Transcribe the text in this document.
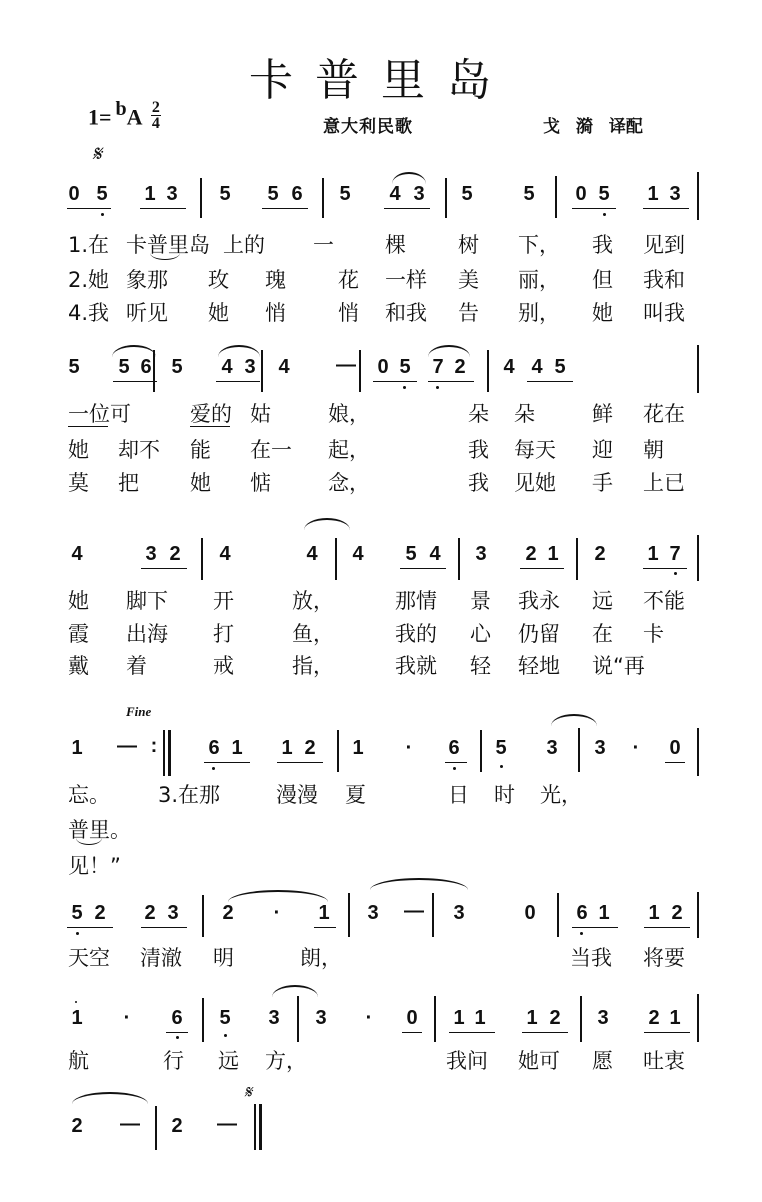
卡普里岛
1= bA $\frac{2}{4}$	意大利民歌	戈 漪 译配
𝄋
0 5 1 3 5 5 6 5 4 3 5	5 0 5 1 3
1.在 卡普里岛 上的 一 棵 树 下， 我 见到
2.她 象那 玫 瑰 花 一样 美 丽， 但 我和
4.我 听见 她 悄 悄 和我 告 别， 她 叫我
5 5 6 5 4 3 4 — 0 5 7 2 4 4 5
一位可	爱的 姑	娘，	朵 朵	鲜 花在
她 却不 能 在一 起，	我 每天 迎 朝
莫 把 她 惦	念，	我 见她 手 上已
4	3 2 4	4 4 5 4 3 2 1 2 1 7
她 脚下 开	放，	那情 景 我永 远 不能
霞 出海 打	鱼，	我的 心 仍留 在 卡
戴 着	戒	指，	我就 轻 轻地 说“再
Fine
1 — :	6 1 1 2 1 · 6 5 3 3 · 0
忘。 3.在那	漫漫 夏	日 时 光，
普里。
见！”
5 2 2 3 2 · 1 3 — 3	0 6 1 1 2
天空 清澈 明	朗，	当我 将要
1 · 6 5 3 3 · 0 1 1 1 2 3 2 1
航	行 远 方，	我问 她可 愿 吐衷
𝄋
2 — 2 —
